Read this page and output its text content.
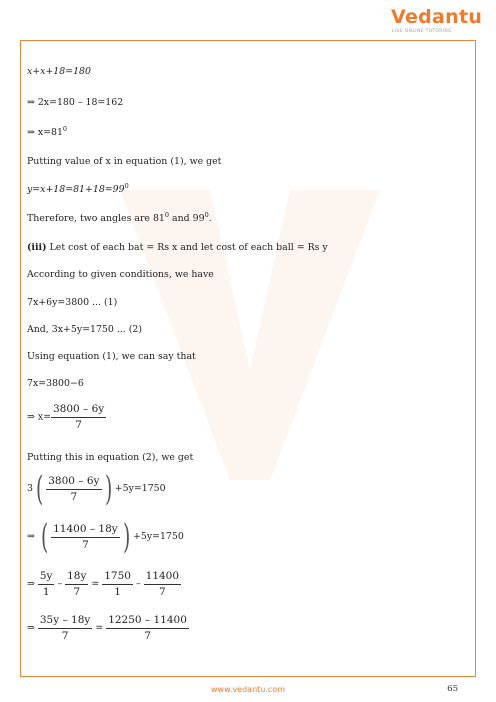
Vedantu
LIVE ONLINE TUTORING
x+x+18=180
⇒ 2x=180 – 18=162
⇒ $x=81^0$
Putting value of x in equation (1), we get
$y=x+18=81+18=99^0$
Therefore, two angles are $81^0$ and $99^0$.
(iii) Let cost of each bat = Rs x and let cost of each ball = Rs y
According to given conditions, we have
7x+6y=3800 ... (1)
And, 3x+5y=1750 ... (2)
Using equation (1), we can say that
7x=3800−6
⇒ $x= \frac{3800 - 6y}{7}$
Putting this in equation (2), we get
$3( \frac{3800 - 6y}{7}$ ) +5y=1750
⇒ ( $\frac{11400 - 18y}{7}$ ) +5y=1750
⇒ $\frac{5y}{1} - \frac{18y}{7} = \frac{1750}{1} - \frac{11400}{7}$
⇒ $\frac{35y - 18y}{7} = \frac{12250 - 11400}{7}$
65
www.vedantu.com
